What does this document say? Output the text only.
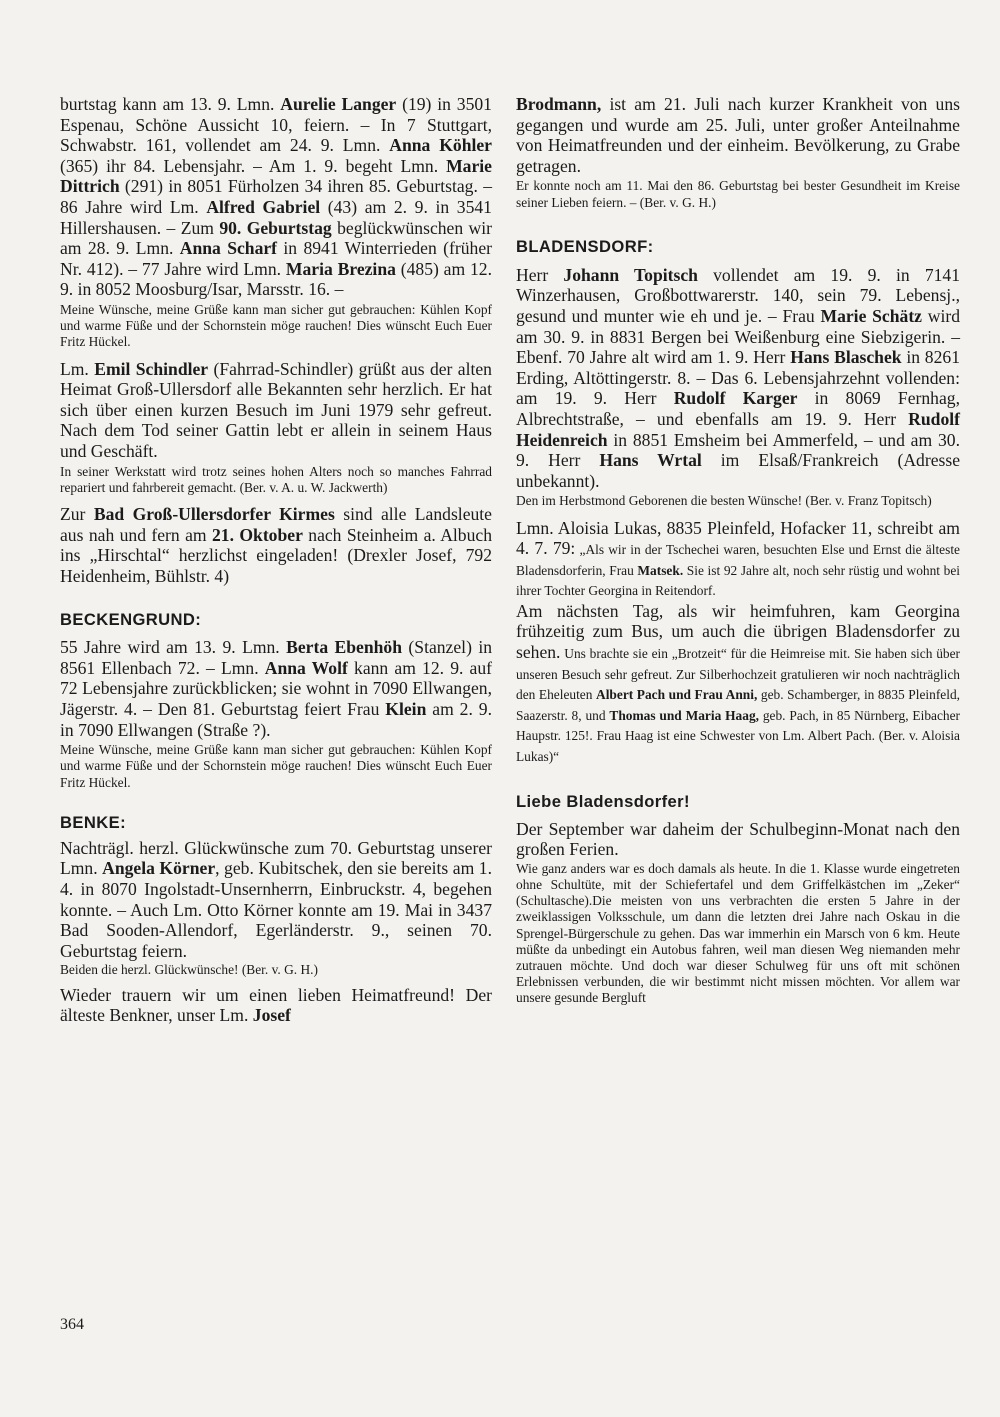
burtstag kann am 13. 9. Lmn. Aurelie Langer (19) in 3501 Espenau, Schöne Aussicht 10, feiern. – In 7 Stuttgart, Schwabstr. 161, vollendet am 24. 9. Lmn. Anna Köhler (365) ihr 84. Lebensjahr. – Am 1. 9. begeht Lmn. Marie Dittrich (291) in 8051 Fürholzen 34 ihren 85. Geburtstag. – 86 Jahre wird Lm. Alfred Gabriel (43) am 2. 9. in 3541 Hillershausen. – Zum 90. Geburtstag beglückwünschen wir am 28. 9. Lmn. Anna Scharf in 8941 Winterrieden (früher Nr. 412). – 77 Jahre wird Lmn. Maria Brezina (485) am 12. 9. in 8052 Moosburg/Isar, Marsstr. 16. –

Meine Wünsche, meine Grüße kann man sicher gut gebrauchen: Kühlen Kopf und warme Füße und der Schornstein möge rauchen! Dies wünscht Euch Euer Fritz Hückel.

Lm. Emil Schindler (Fahrrad-Schindler) grüßt aus der alten Heimat Groß-Ullersdorf alle Bekannten sehr herzlich. Er hat sich über einen kurzen Besuch im Juni 1979 sehr gefreut. Nach dem Tod seiner Gattin lebt er allein in seinem Haus und Geschäft.

In seiner Werkstatt wird trotz seines hohen Alters noch so manches Fahrrad repariert und fahrbereit gemacht. (Ber. v. A. u. W. Jackwerth)

Zur Bad Groß-Ullersdorfer Kirmes sind alle Landsleute aus nah und fern am 21. Oktober nach Steinheim a. Albuch ins „Hirschtal“ herzlichst eingeladen! (Drexler Josef, 792 Heidenheim, Bühlstr. 4)

BECKENGRUND:

55 Jahre wird am 13. 9. Lmn. Berta Ebenhöh (Stanzel) in 8561 Ellenbach 72. – Lmn. Anna Wolf kann am 12. 9. auf 72 Lebensjahre zurückblicken; sie wohnt in 7090 Ellwangen, Jägerstr. 4. – Den 81. Geburtstag feiert Frau Klein am 2. 9. in 7090 Ellwangen (Straße ?).

Meine Wünsche, meine Grüße kann man sicher gut gebrauchen: Kühlen Kopf und warme Füße und der Schornstein möge rauchen! Dies wünscht Euch Euer Fritz Hückel.

BENKE:

Nachträgl. herzl. Glückwünsche zum 70. Geburtstag unserer Lmn. Angela Körner, geb. Kubitschek, den sie bereits am 1. 4. in 8070 Ingolstadt-Unsernherrn, Einbruckstr. 4, begehen konnte. – Auch Lm. Otto Körner konnte am 19. Mai in 3437 Bad Sooden-Allendorf, Egerländerstr. 9., seinen 70. Geburtstag feiern.

Beiden die herzl. Glückwünsche! (Ber. v. G. H.)

Wieder trauern wir um einen lieben Heimatfreund! Der älteste Benkner, unser Lm. Josef

Brodmann, ist am 21. Juli nach kurzer Krankheit von uns gegangen und wurde am 25. Juli, unter großer Anteilnahme von Heimatfreunden und der einheim. Bevölkerung, zu Grabe getragen.

Er konnte noch am 11. Mai den 86. Geburtstag bei bester Gesundheit im Kreise seiner Lieben feiern. – (Ber. v. G. H.)

BLADENSDORF:

Herr Johann Topitsch vollendet am 19. 9. in 7141 Winzerhausen, Großbottwarerstr. 140, sein 79. Lebensj., gesund und munter wie eh und je. – Frau Marie Schätz wird am 30. 9. in 8831 Bergen bei Weißenburg eine Siebzigerin. – Ebenf. 70 Jahre alt wird am 1. 9. Herr Hans Blaschek in 8261 Erding, Altöttingerstr. 8. – Das 6. Lebensjahrzehnt vollenden: am 19. 9. Herr Rudolf Karger in 8069 Fernhag, Albrechtstraße, – und ebenfalls am 19. 9. Herr Rudolf Heidenreich in 8851 Emsheim bei Ammerfeld, – und am 30. 9. Herr Hans Wrtal im Elsaß/Frankreich (Adresse unbekannt).

Den im Herbstmond Geborenen die besten Wünsche! (Ber. v. Franz Topitsch)

Lmn. Aloisia Lukas, 8835 Pleinfeld, Hofacker 11, schreibt am 4. 7. 79: „Als wir in der Tschechei waren, besuchten Else und Ernst die älteste Bladensdorferin, Frau Matsek. Sie ist 92 Jahre alt, noch sehr rüstig und wohnt bei ihrer Tochter Georgina in Reitendorf.

Am nächsten Tag, als wir heimfuhren, kam Georgina frühzeitig zum Bus, um auch die übrigen Bladensdorfer zu sehen. Uns brachte sie ein „Brotzeit“ für die Heimreise mit. Sie haben sich über unseren Besuch sehr gefreut. Zur Silberhochzeit gratulieren wir noch nachträglich den Eheleuten Albert Pach und Frau Anni, geb. Schamberger, in 8835 Pleinfeld, Saazerstr. 8, und Thomas und Maria Haag, geb. Pach, in 85 Nürnberg, Eibacher Haupstr. 125!. Frau Haag ist eine Schwester von Lm. Albert Pach. (Ber. v. Aloisia Lukas)“

Liebe Bladensdorfer!

Der September war daheim der Schulbeginn-Monat nach den großen Ferien.

Wie ganz anders war es doch damals als heute. In die 1. Klasse wurde eingetreten ohne Schultüte, mit der Schiefertafel und dem Griffelkästchen im „Zeker“ (Schultasche).Die meisten von uns verbrachten die ersten 5 Jahre in der zweiklassigen Volksschule, um dann die letzten drei Jahre nach Oskau in die Sprengel-Bürgerschule zu gehen. Das war immerhin ein Marsch von 6 km. Heute müßte da unbedingt ein Autobus fahren, weil man diesen Weg niemanden mehr zutrauen möchte. Und doch war dieser Schulweg für uns oft mit schönen Erlebnissen verbunden, die wir bestimmt nicht missen möchten. Vor allem war unsere gesunde Bergluft

364
